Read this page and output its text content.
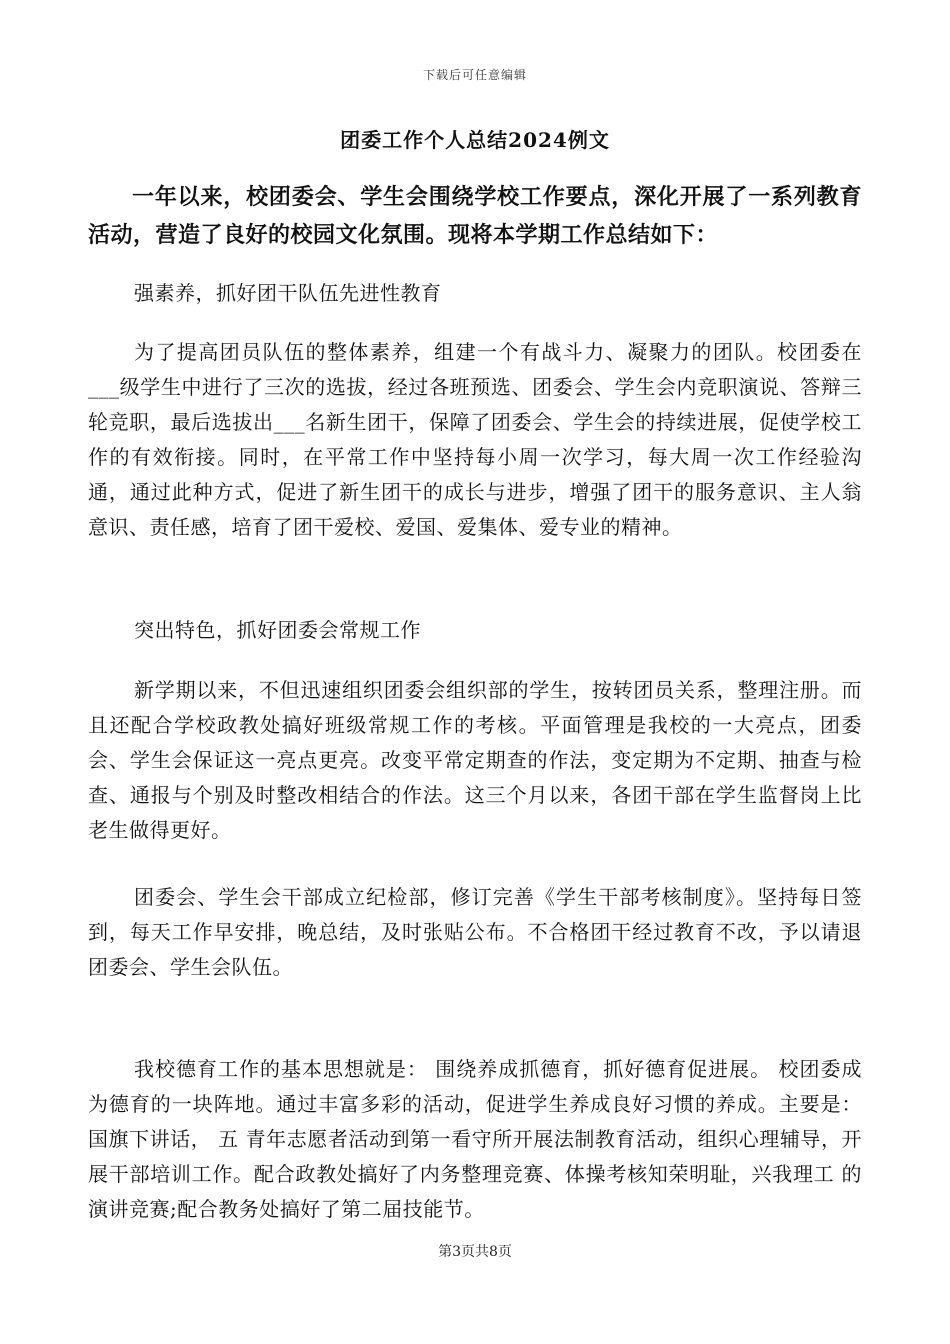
下载后可任意编辑
团委工作个人总结2024例文

一年以来，校团委会、学生会围绕学校工作要点，深化开展了一系列教育活动，营造了良好的校园文化氛围。现将本学期工作总结如下：

强素养，抓好团干队伍先进性教育

为了提高团员队伍的整体素养，组建一个有战斗力、凝聚力的团队。校团委在___级学生中进行了三次的选拔，经过各班预选、团委会、学生会内竞职演说、答辩三轮竞职，最后选拔出___名新生团干，保障了团委会、学生会的持续进展，促使学校工作的有效衔接。同时，在平常工作中坚持每小周一次学习，每大周一次工作经验沟通，通过此种方式，促进了新生团干的成长与进步，增强了团干的服务意识、主人翁意识、责任感，培育了团干爱校、爱国、爱集体、爱专业的精神。

突出特色，抓好团委会常规工作

新学期以来，不但迅速组织团委会组织部的学生，按转团员关系，整理注册。而且还配合学校政教处搞好班级常规工作的考核。平面管理是我校的一大亮点，团委会、学生会保证这一亮点更亮。改变平常定期查的作法，变定期为不定期、抽查与检查、通报与个别及时整改相结合的作法。这三个月以来，各团干部在学生监督岗上比老生做得更好。

团委会、学生会干部成立纪检部，修订完善《学生干部考核制度》。坚持每日签到，每天工作早安排，晚总结，及时张贴公布。不合格团干经过教育不改，予以请退团委会、学生会队伍。

我校德育工作的基本思想就是： 围绕养成抓德育，抓好德育促进展。 校团委成为德育的一块阵地。通过丰富多彩的活动，促进学生养成良好习惯的养成。主要是：国旗下讲话， 五 青年志愿者活动到第一看守所开展法制教育活动，组织心理辅导，开展干部培训工作。配合政教处搞好了内务整理竞赛、体操考核知荣明耻，兴我理工 的演讲竞赛;配合教务处搞好了第二届技能节。

第3页共8页
